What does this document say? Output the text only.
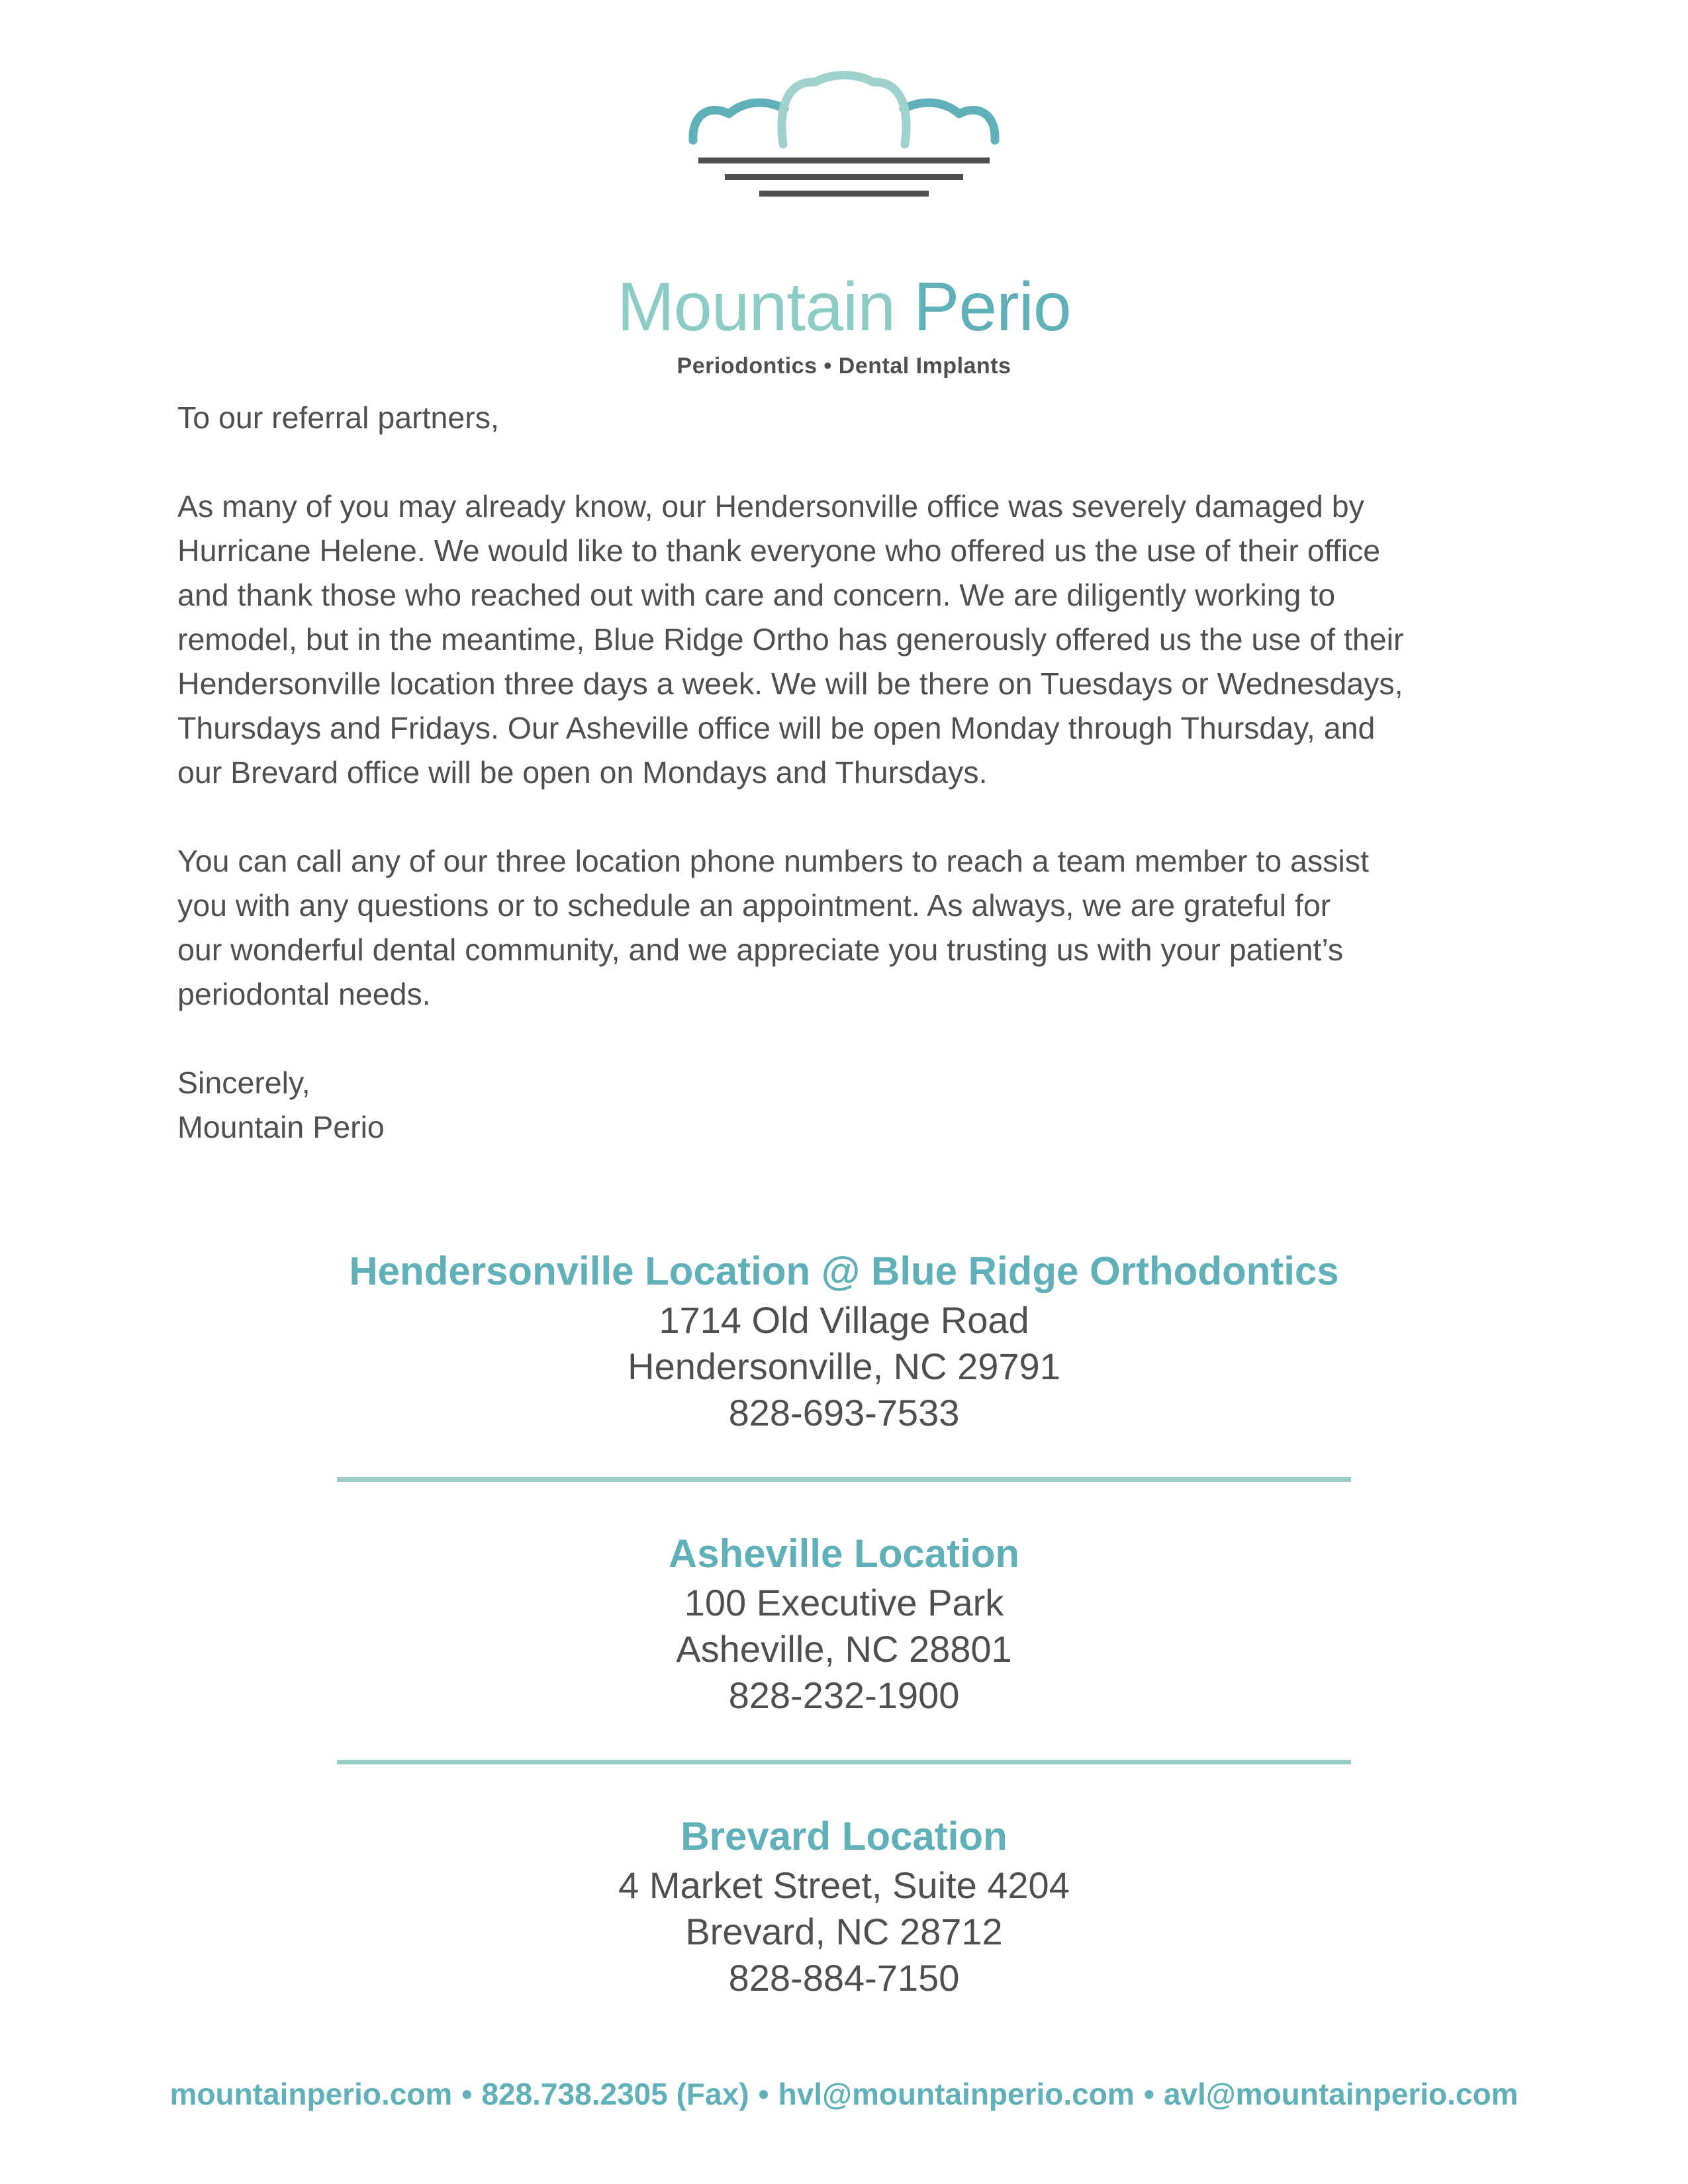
Mountain Perio
Periodontics • Dental Implants

To our referral partners,

As many of you may already know, our Hendersonville office was severely damaged by
Hurricane Helene. We would like to thank everyone who offered us the use of their office
and thank those who reached out with care and concern. We are diligently working to
remodel, but in the meantime, Blue Ridge Ortho has generously offered us the use of their
Hendersonville location three days a week. We will be there on Tuesdays or Wednesdays,
Thursdays and Fridays. Our Asheville office will be open Monday through Thursday, and
our Brevard office will be open on Mondays and Thursdays.

You can call any of our three location phone numbers to reach a team member to assist
you with any questions or to schedule an appointment. As always, we are grateful for
our wonderful dental community, and we appreciate you trusting us with your patient’s
periodontal needs.

Sincerely,
Mountain Perio

Hendersonville Location @ Blue Ridge Orthodontics
1714 Old Village Road
Hendersonville, NC 29791
828-693-7533
Asheville Location
100 Executive Park
Asheville, NC 28801
828-232-1900
Brevard Location
4 Market Street, Suite 4204
Brevard, NC 28712
828-884-7150
mountainperio.com • 828.738.2305 (Fax) • hvl@mountainperio.com • avl@mountainperio.com
